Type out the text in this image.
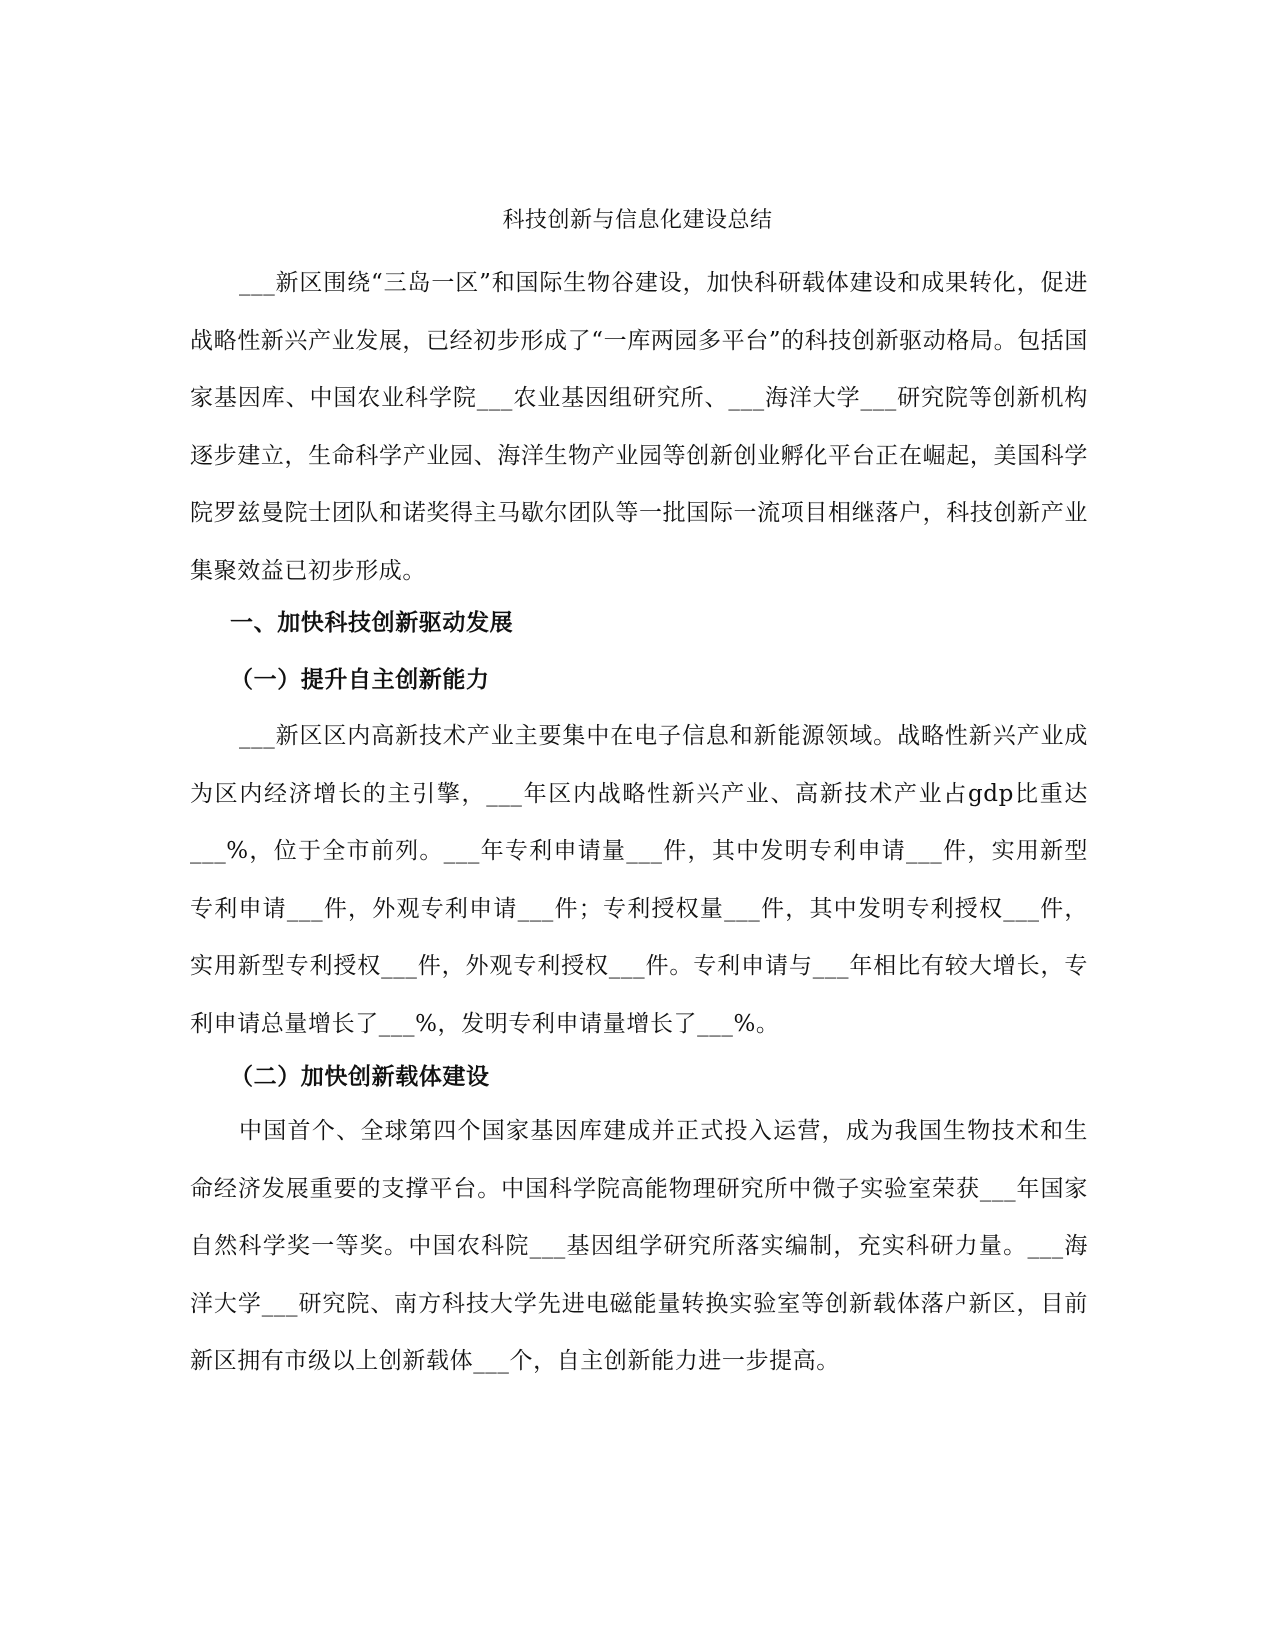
科技创新与信息化建设总结
___新区围绕“三岛一区”和国际生物谷建设，加快科研载体建设和成果转化，促进战略性新兴产业发展，已经初步形成了“一库两园多平台”的科技创新驱动格局。包括国家基因库、中国农业科学院___农业基因组研究所、___海洋大学___研究院等创新机构逐步建立，生命科学产业园、海洋生物产业园等创新创业孵化平台正在崛起，美国科学院罗兹曼院士团队和诺奖得主马歇尔团队等一批国际一流项目相继落户，科技创新产业集聚效益已初步形成。
一、加快科技创新驱动发展
（一）提升自主创新能力
___新区区内高新技术产业主要集中在电子信息和新能源领域。战略性新兴产业成为区内经济增长的主引擎，___年区内战略性新兴产业、高新技术产业占gdp比重达___%，位于全市前列。___年专利申请量___件，其中发明专利申请___件，实用新型专利申请___件，外观专利申请___件；专利授权量___件，其中发明专利授权___件，实用新型专利授权___件，外观专利授权___件。专利申请与___年相比有较大增长，专利申请总量增长了___%，发明专利申请量增长了___%。
（二）加快创新载体建设
中国首个、全球第四个国家基因库建成并正式投入运营，成为我国生物技术和生命经济发展重要的支撑平台。中国科学院高能物理研究所中微子实验室荣获___年国家自然科学奖一等奖。中国农科院___基因组学研究所落实编制，充实科研力量。___海洋大学___研究院、南方科技大学先进电磁能量转换实验室等创新载体落户新区，目前新区拥有市级以上创新载体___个，自主创新能力进一步提高。
